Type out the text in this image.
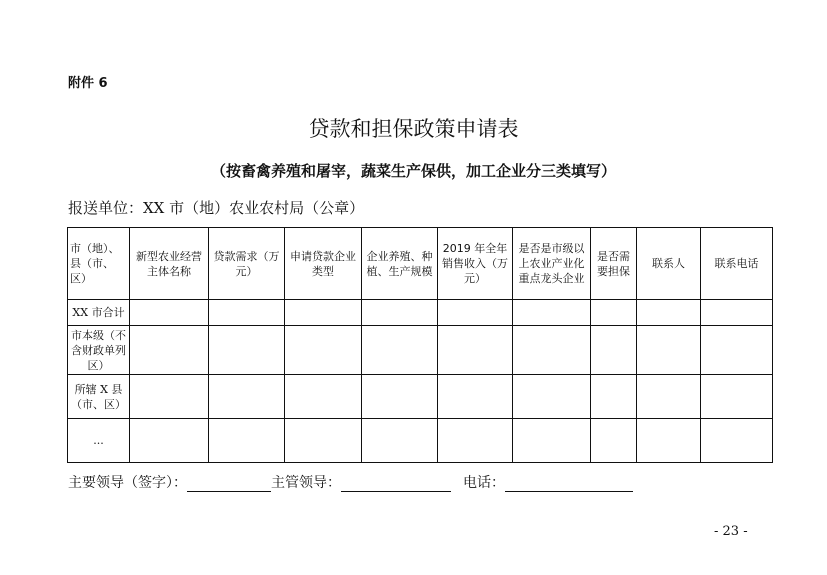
附件 6
贷款和担保政策申请表
（按畜禽养殖和屠宰，蔬菜生产保供，加工企业分三类填写）
报送单位：XX 市（地）农业农村局（公章）
市（地）、县（市、区）	新型农业经营主体名称	贷款需求（万元）	申请贷款企业类型	企业养殖、种植、生产规模	2019 年全年销售收入（万元）	是否是市级以上农业产业化重点龙头企业	是否需要担保	联系人	联系电话
XX 市合计									
市本级（不含财政单列区）									
所辖 X 县（市、区）									
...									
主要领导（签字）：	主管领导：	电话：
- 23 -
